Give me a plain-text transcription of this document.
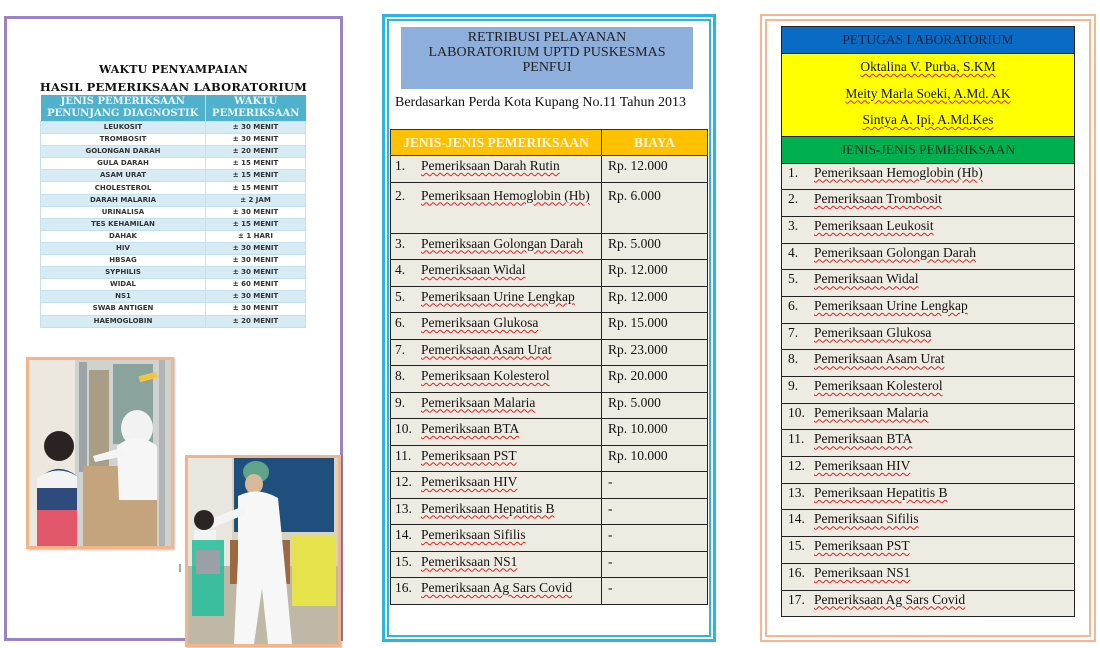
WAKTU PENYAMPAIAN
HASIL PEMERIKSAAN LABORATORIUM
JENIS PEMERIKSAAN
PENUNJANG DIAGNOSTIK

WAKTU
PEMERIKSAAN

LEUKOSIT	± 30 MENIT
TROMBOSIT	± 30 MENIT
GOLONGAN DARAH	± 20 MENIT
GULA DARAH	± 15 MENIT
ASAM URAT	± 15 MENIT
CHOLESTEROL	± 15 MENIT
DARAH MALARIA	± 2 JAM
URINALISA	± 30 MENIT
TES KEHAMILAN	± 15 MENIT
DAHAK	± 1 HARI
HIV	± 30 MENIT
HBSAG	± 30 MENIT
SYPHILIS	± 30 MENIT
WIDAL	± 60 MENIT
NS1	± 30 MENIT
SWAB ANTIGEN	± 30 MENIT
HAEMOGLOBIN	± 20 MENIT
RETRIBUSI PELAYANAN
LABORATORIUM UPTD PUSKESMAS
PENFUI
Berdasarkan Perda Kota Kupang No.11 Tahun 2013
JENIS-JENIS PEMERIKSAAN	BIAYA
1. Pemeriksaan Darah Rutin	Rp. 12.000
2. Pemeriksaan Hemoglobin (Hb)	Rp. 6.000
3. Pemeriksaan Golongan Darah	Rp. 5.000
4. Pemeriksaan Widal	Rp. 12.000
5. Pemeriksaan Urine Lengkap	Rp. 12.000
6. Pemeriksaan Glukosa	Rp. 15.000
7. Pemeriksaan Asam Urat	Rp. 23.000
8. Pemeriksaan Kolesterol	Rp. 20.000
9. Pemeriksaan Malaria	Rp. 5.000
10. Pemeriksaan BTA	Rp. 10.000
11. Pemeriksaan PST	Rp. 10.000
12. Pemeriksaan HIV	-
13. Pemeriksaan Hepatitis B	-
14. Pemeriksaan Sifilis	-
15. Pemeriksaan NS1	-
16. Pemeriksaan Ag Sars Covid	-
PETUGAS LABORATORIUM

Oktalina V. Purba, S.KM
Meity Marla Soeki, A.Md. AK
Sintya A. Ipi, A.Md.Kes

JENIS-JENIS PEMERIKSAAN
1. Pemeriksaan Hemoglobin (Hb)
2. Pemeriksaan Trombosit
3. Pemeriksaan Leukosit
4. Pemeriksaan Golongan Darah
5. Pemeriksaan Widal
6. Pemeriksaan Urine Lengkap
7. Pemeriksaan Glukosa
8. Pemeriksaan Asam Urat
9. Pemeriksaan Kolesterol
10. Pemeriksaan Malaria
11. Pemeriksaan BTA
12. Pemeriksaan HIV
13. Pemeriksaan Hepatitis B
14. Pemeriksaan Sifilis
15. Pemeriksaan PST
16. Pemeriksaan NS1
17. Pemeriksaan Ag Sars Covid
